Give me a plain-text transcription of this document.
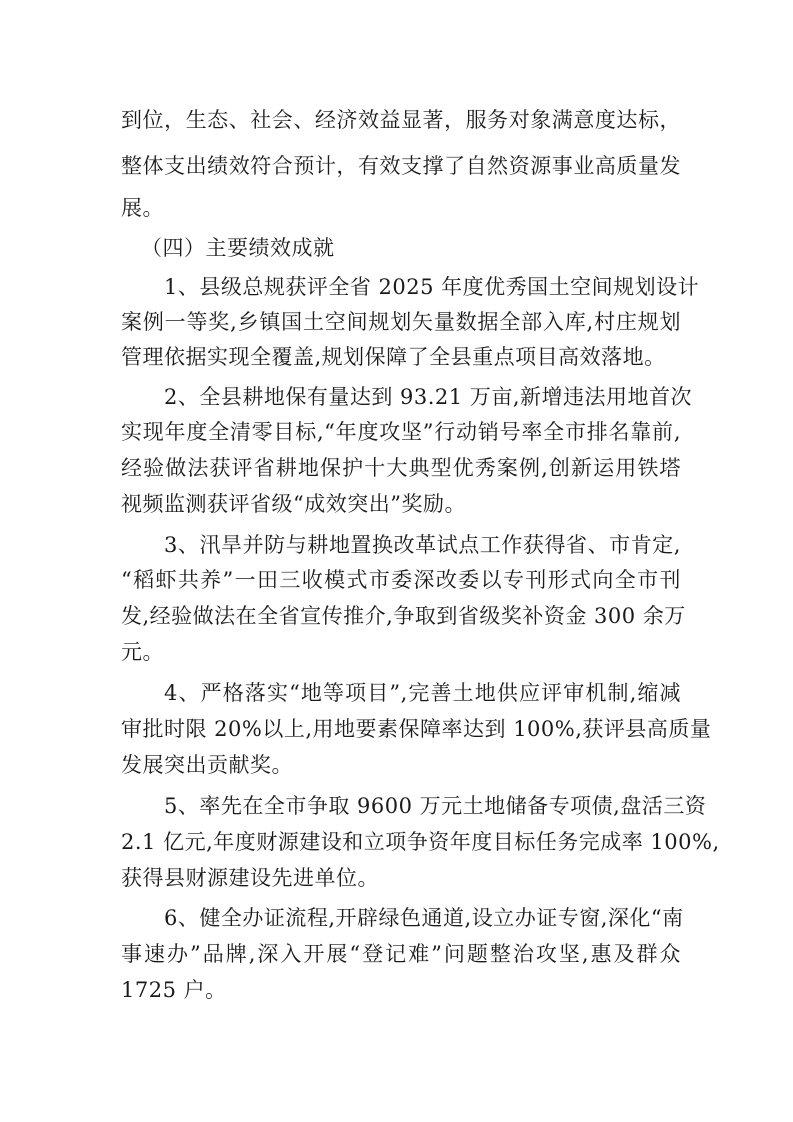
到位，生态、社会、经济效益显著，服务对象满意度达标，
整体支出绩效符合预计，有效支撑了自然资源事业高质量发
展。
（四）主要绩效成就
1、县级总规获评全省 2025 年度优秀国土空间规划设计
案例一等奖,乡镇国土空间规划矢量数据全部入库,村庄规划
管理依据实现全覆盖,规划保障了全县重点项目高效落地。
2、全县耕地保有量达到 93.21 万亩,新增违法用地首次
实现年度全清零目标,“年度攻坚”行动销号率全市排名靠前,
经验做法获评省耕地保护十大典型优秀案例,创新运用铁塔
视频监测获评省级“成效突出”奖励。
3、汛旱并防与耕地置换改革试点工作获得省、市肯定,
“稻虾共养”一田三收模式市委深改委以专刊形式向全市刊
发,经验做法在全省宣传推介,争取到省级奖补资金 300 余万
元。
4、严格落实“地等项目”,完善土地供应评审机制,缩减
审批时限 20%以上,用地要素保障率达到 100%,获评县高质量
发展突出贡献奖。
5、率先在全市争取 9600 万元土地储备专项债,盘活三资
2.1 亿元,年度财源建设和立项争资年度目标任务完成率 100%,
获得县财源建设先进单位。
6、健全办证流程,开辟绿色通道,设立办证专窗,深化“南
事速办”品牌,深入开展“登记难”问题整治攻坚,惠及群众
1725 户。
